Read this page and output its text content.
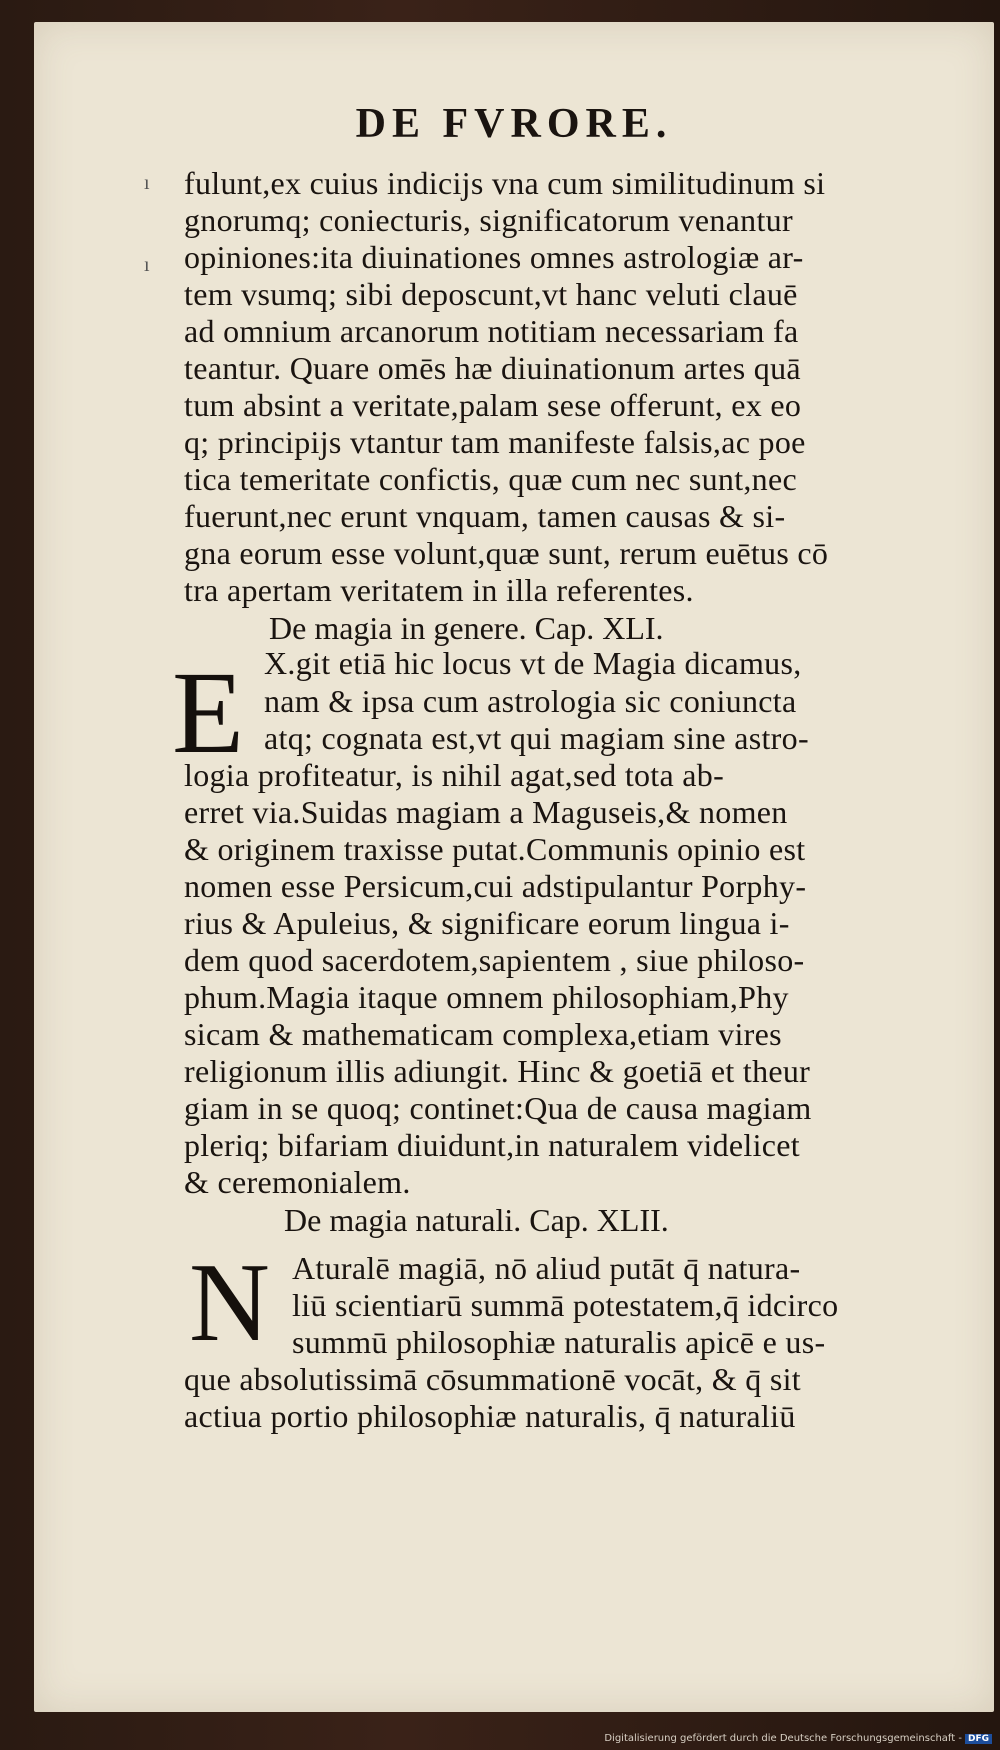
DE FVRORE.
ı
ı
fulunt,ex cuius indicijs vna cum similitudinum si
gnorumq; coniecturis, significatorum venantur
opiniones:ita diuinationes omnes astrologiæ ar-
tem vsumq; sibi deposcunt,vt hanc veluti clauē
ad omnium arcanorum notitiam necessariam fa
teantur. Quare omēs hæ diuinationum artes quā
tum absint a veritate,palam sese offerunt, ex eo
q; principijs vtantur tam manifeste falsis,ac poe
tica temeritate confictis, quæ cum nec sunt,nec
fuerunt,nec erunt vnquam, tamen causas & si-
gna eorum esse volunt,quæ sunt, rerum euētus cō
tra apertam veritatem in illa referentes.
De magia in genere. Cap. XLI.
E X.git etiā hic locus vt de Magia dicamus,
nam & ipsa cum astrologia sic coniuncta
atq; cognata est,vt qui magiam sine astro-
logia profiteatur, is nihil agat,sed tota ab-
erret via.Suidas magiam a Maguseis,& nomen
& originem traxisse putat.Communis opinio est
nomen esse Persicum,cui adstipulantur Porphy-
rius & Apuleius, & significare eorum lingua i-
dem quod sacerdotem,sapientem , siue philoso-
phum.Magia itaque omnem philosophiam,Phy
sicam & mathematicam complexa,etiam vires
religionum illis adiungit. Hinc & goetiā et theur
giam in se quoq; continet:Qua de causa magiam
pleriq; bifariam diuidunt,in naturalem videlicet
& ceremonialem.
De magia naturali. Cap. XLII.
N Aturalē magiā, nō aliud putāt q̄ natura-
liū scientiarū summā potestatem,q̄ idcirco
summū philosophiæ naturalis apicē e us-
que absolutissimā cōsummationē vocāt, & q̄ sit
actiua portio philosophiæ naturalis, q̄ naturaliū
Digitalisierung gefördert durch die Deutsche Forschungsgemeinschaft - DFG
